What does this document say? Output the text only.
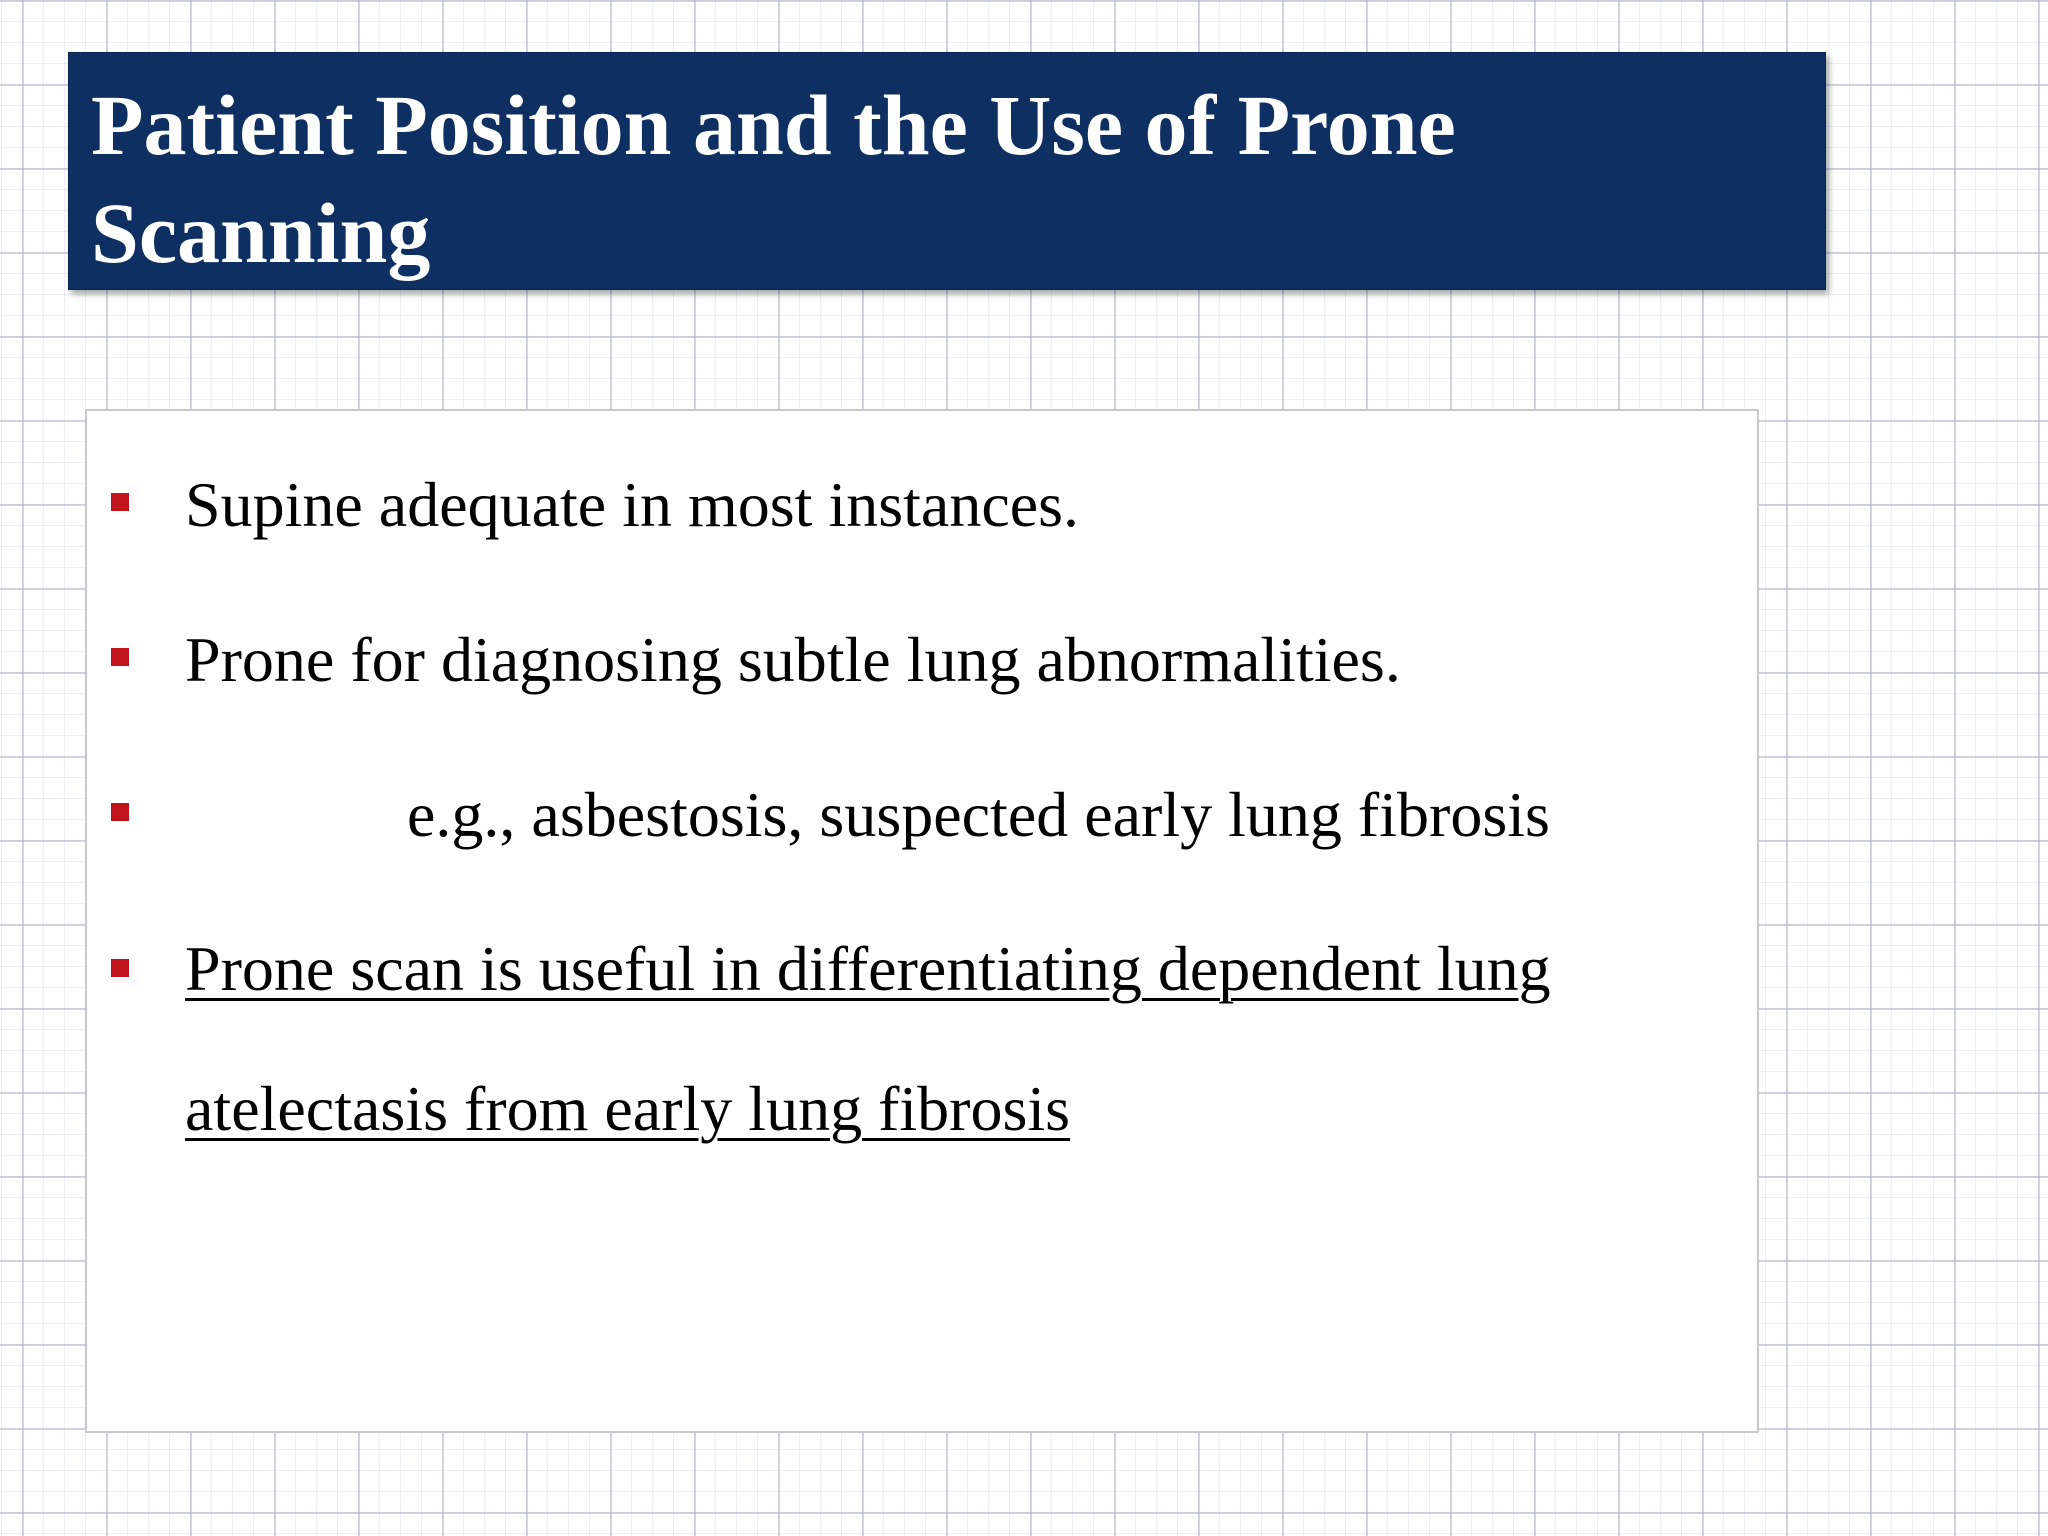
Patient Position and the Use of Prone Scanning

Supine adequate in most instances.

Prone for diagnosing subtle lung abnormalities.

e.g., asbestosis, suspected early lung fibrosis

Prone scan is useful in differentiating dependent lung
atelectasis from early lung fibrosis
